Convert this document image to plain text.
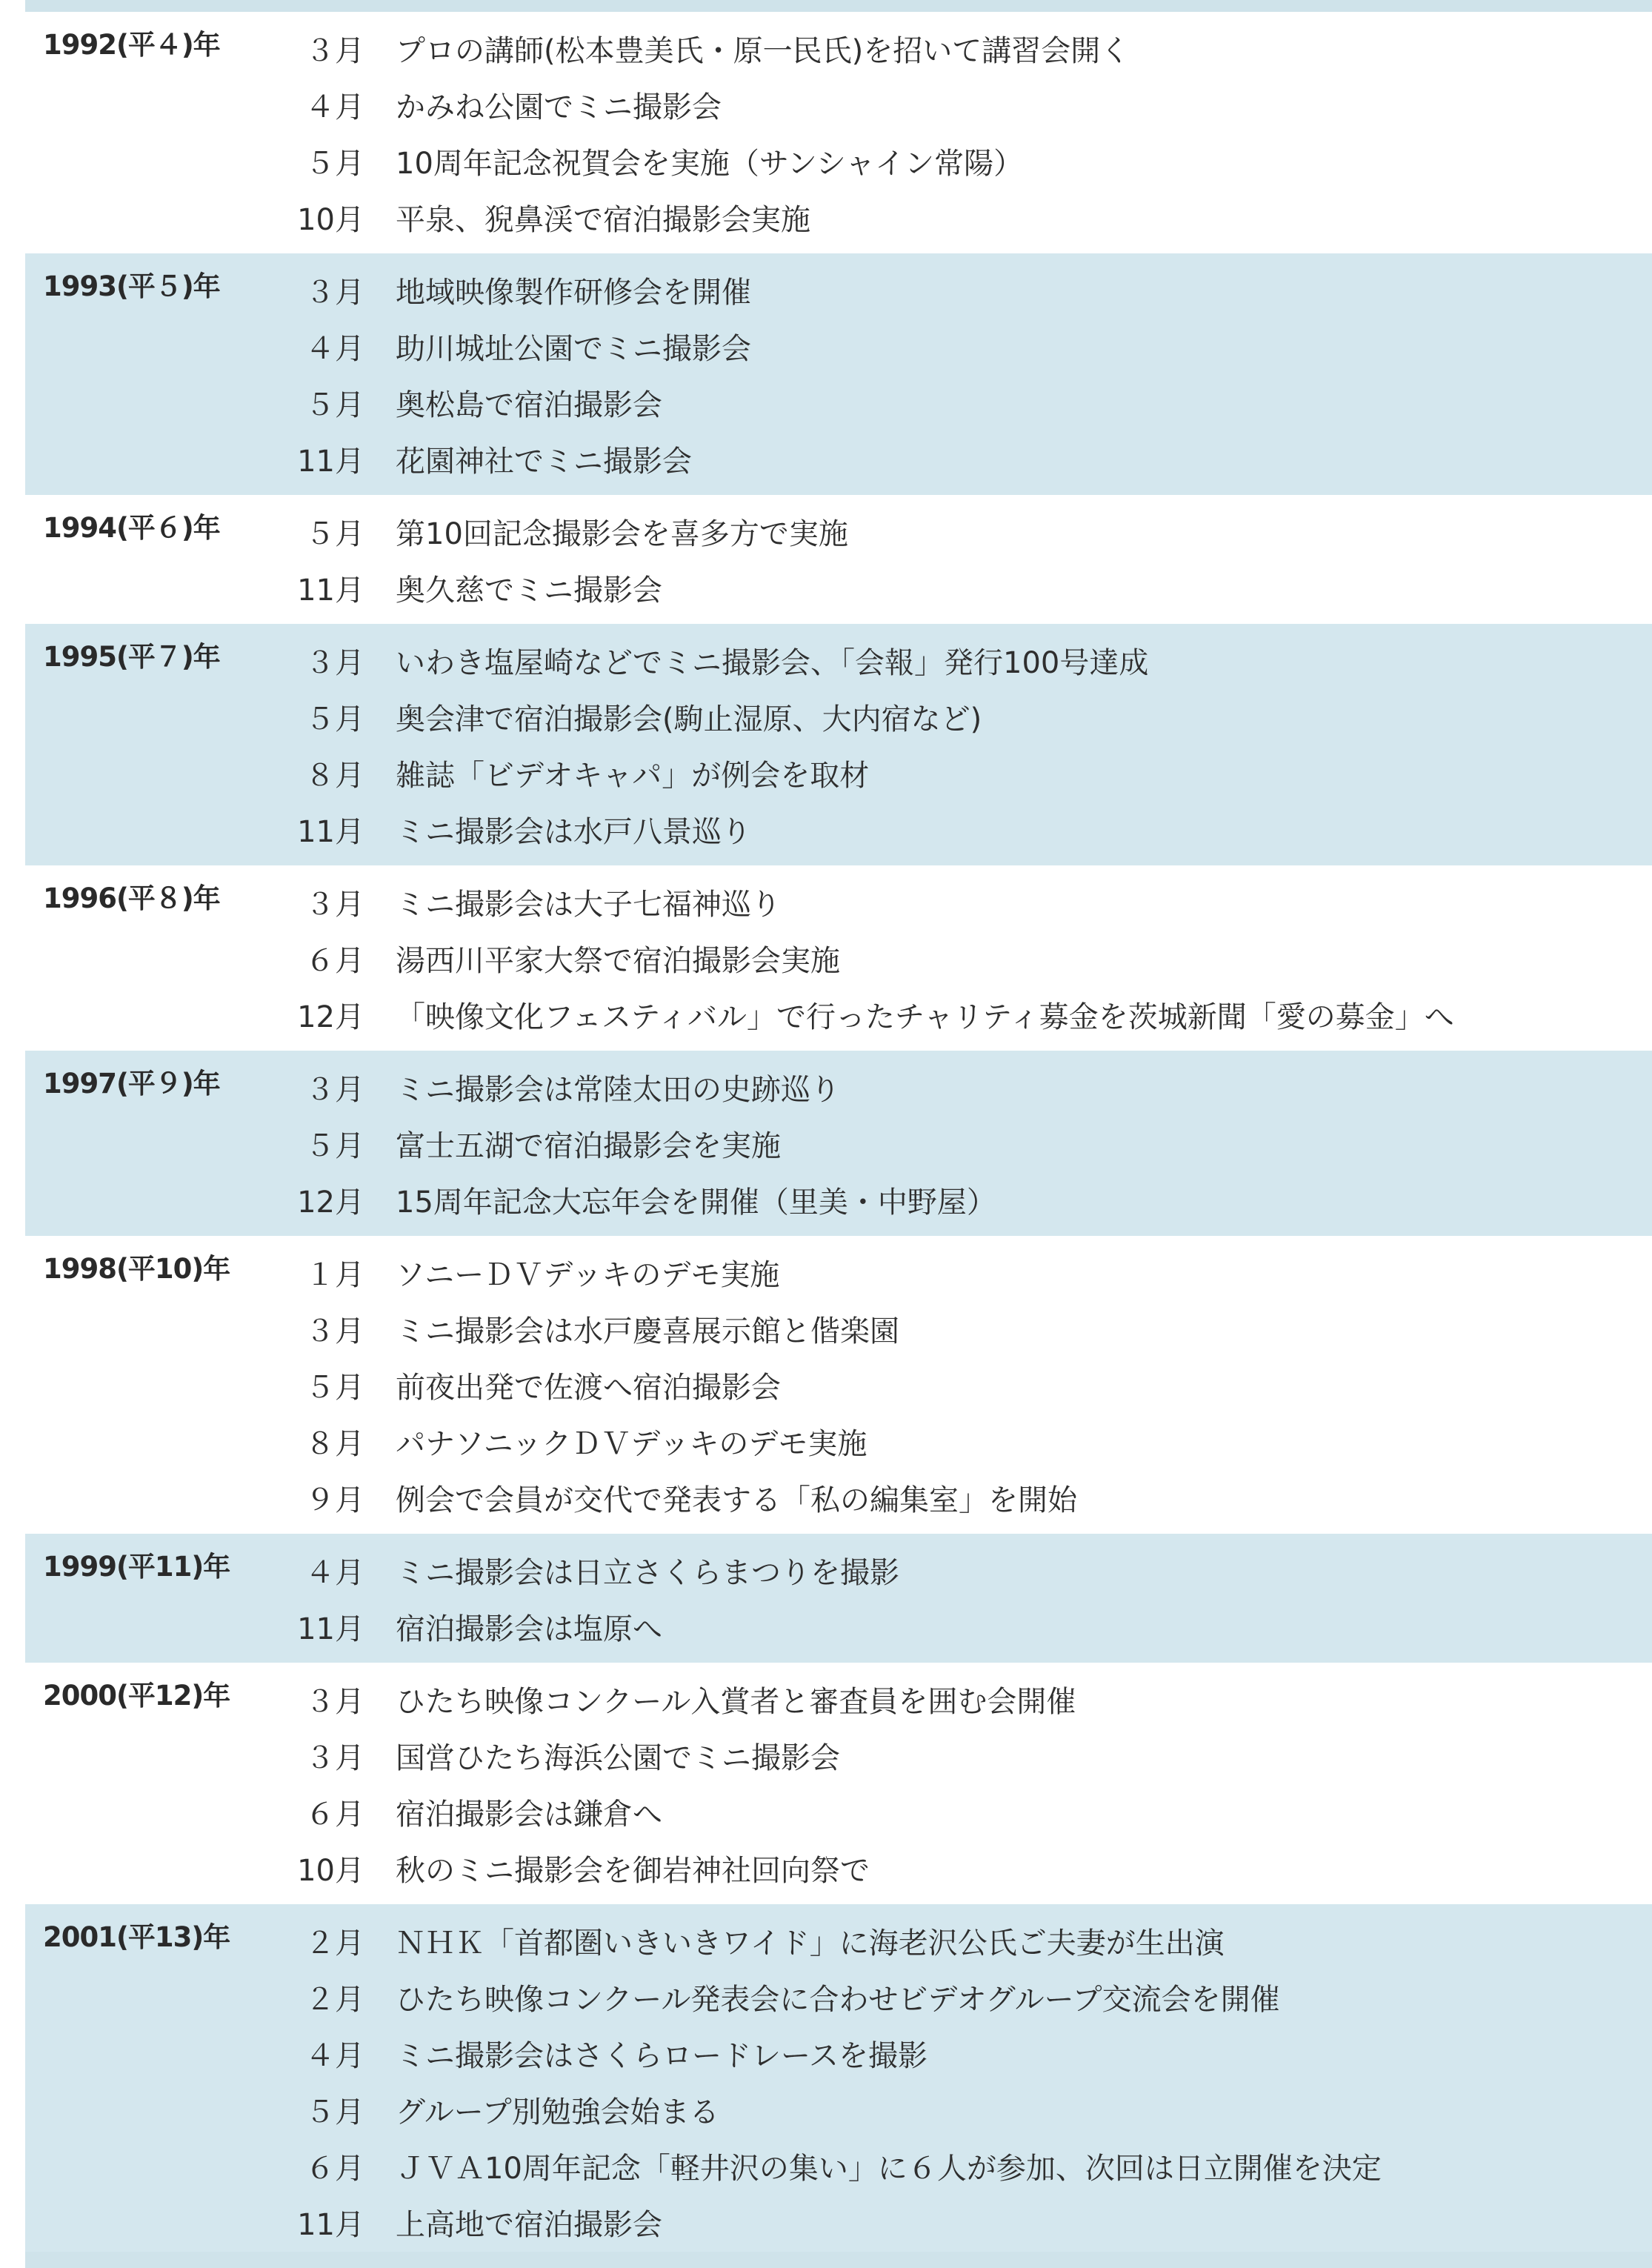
1992(平４)年	３月	プロの講師(松本豊美氏・原一民氏)を招いて講習会開く
４月	かみね公園でミニ撮影会
５月	10周年記念祝賀会を実施（サンシャイン常陽）
10月	平泉、猊鼻渓で宿泊撮影会実施
1993(平５)年	３月	地域映像製作研修会を開催
４月	助川城址公園でミニ撮影会
５月	奥松島で宿泊撮影会
11月	花園神社でミニ撮影会
1994(平６)年	５月	第10回記念撮影会を喜多方で実施
11月	奥久慈でミニ撮影会
1995(平７)年	３月	いわき塩屋崎などでミニ撮影会、「会報」発行100号達成
５月	奥会津で宿泊撮影会(駒止湿原、大内宿など)
８月	雑誌「ビデオキャパ」が例会を取材
11月	ミニ撮影会は水戸八景巡り
1996(平８)年	３月	ミニ撮影会は大子七福神巡り
６月	湯西川平家大祭で宿泊撮影会実施
12月	「映像文化フェスティバル」で行ったチャリティ募金を茨城新聞「愛の募金」へ
1997(平９)年	３月	ミニ撮影会は常陸太田の史跡巡り
５月	富士五湖で宿泊撮影会を実施
12月	15周年記念大忘年会を開催（里美・中野屋）
1998(平10)年	１月	ソニーＤＶデッキのデモ実施
３月	ミニ撮影会は水戸慶喜展示館と偕楽園
５月	前夜出発で佐渡へ宿泊撮影会
８月	パナソニックＤＶデッキのデモ実施
９月	例会で会員が交代で発表する「私の編集室」を開始
1999(平11)年	４月	ミニ撮影会は日立さくらまつりを撮影
11月	宿泊撮影会は塩原へ
2000(平12)年	３月	ひたち映像コンクール入賞者と審査員を囲む会開催
３月	国営ひたち海浜公園でミニ撮影会
６月	宿泊撮影会は鎌倉へ
10月	秋のミニ撮影会を御岩神社回向祭で
2001(平13)年	２月	ＮＨＫ「首都圏いきいきワイド」に海老沢公氏ご夫妻が生出演
２月	ひたち映像コンクール発表会に合わせビデオグループ交流会を開催
４月	ミニ撮影会はさくらロードレースを撮影
５月	グループ別勉強会始まる
６月	ＪＶＡ10周年記念「軽井沢の集い」に６人が参加、次回は日立開催を決定
11月	上高地で宿泊撮影会
